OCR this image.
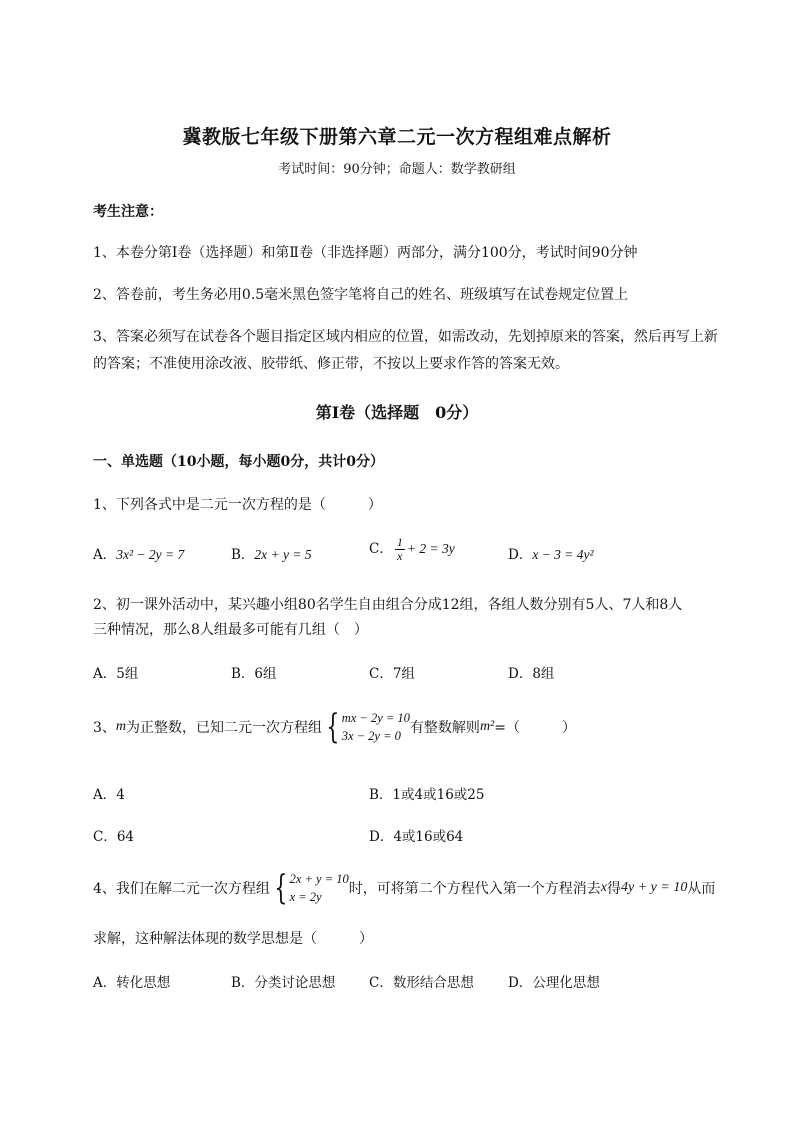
冀教版七年级下册第六章二元一次方程组难点解析
考试时间：90分钟；命题人：数学教研组
考生注意：
1、本卷分第I卷（选择题）和第Ⅱ卷（非选择题）两部分，满分100分，考试时间90分钟
2、答卷前，考生务必用0.5毫米黑色签字笔将自己的姓名、班级填写在试卷规定位置上
3、答案必须写在试卷各个题目指定区域内相应的位置，如需改动，先划掉原来的答案，然后再写上新
的答案；不准使用涂改液、胶带纸、修正带，不按以上要求作答的答案无效。
第I卷（选择题　0分）
一、单选题（10小题，每小题0分，共计0分）
1、下列各式中是二元一次方程的是（　　　）
A．3x² − 2y = 7	B．2x + y = 5	C． $\frac{1}{x} + 2 = 3y$	D．x − 3 = 4y²
2、初一课外活动中，某兴趣小组80名学生自由组合分成12组，各组人数分别有5人、7人和8人
三种情况，那么8人组最多可能有几组（　）
A．5组	B．6组	C．7组	D．8组
3、 m 为正整数，已知二元一次方程组 { mx − 2y = 10
3x − 2y = 0 有整数解则 m² =（　　　）
A．4	B．1或4或16或25
C．64	D．4或16或64
4、我们在解二元一次方程组 { 2x + y = 10
x = 2y	时，可将第二个方程代入第一个方程消去 x 得 4y + y = 10 从而
求解，这种解法体现的数学思想是（　　　）
A．转化思想	B．分类讨论思想 C．数形结合思想	D．公理化思想
